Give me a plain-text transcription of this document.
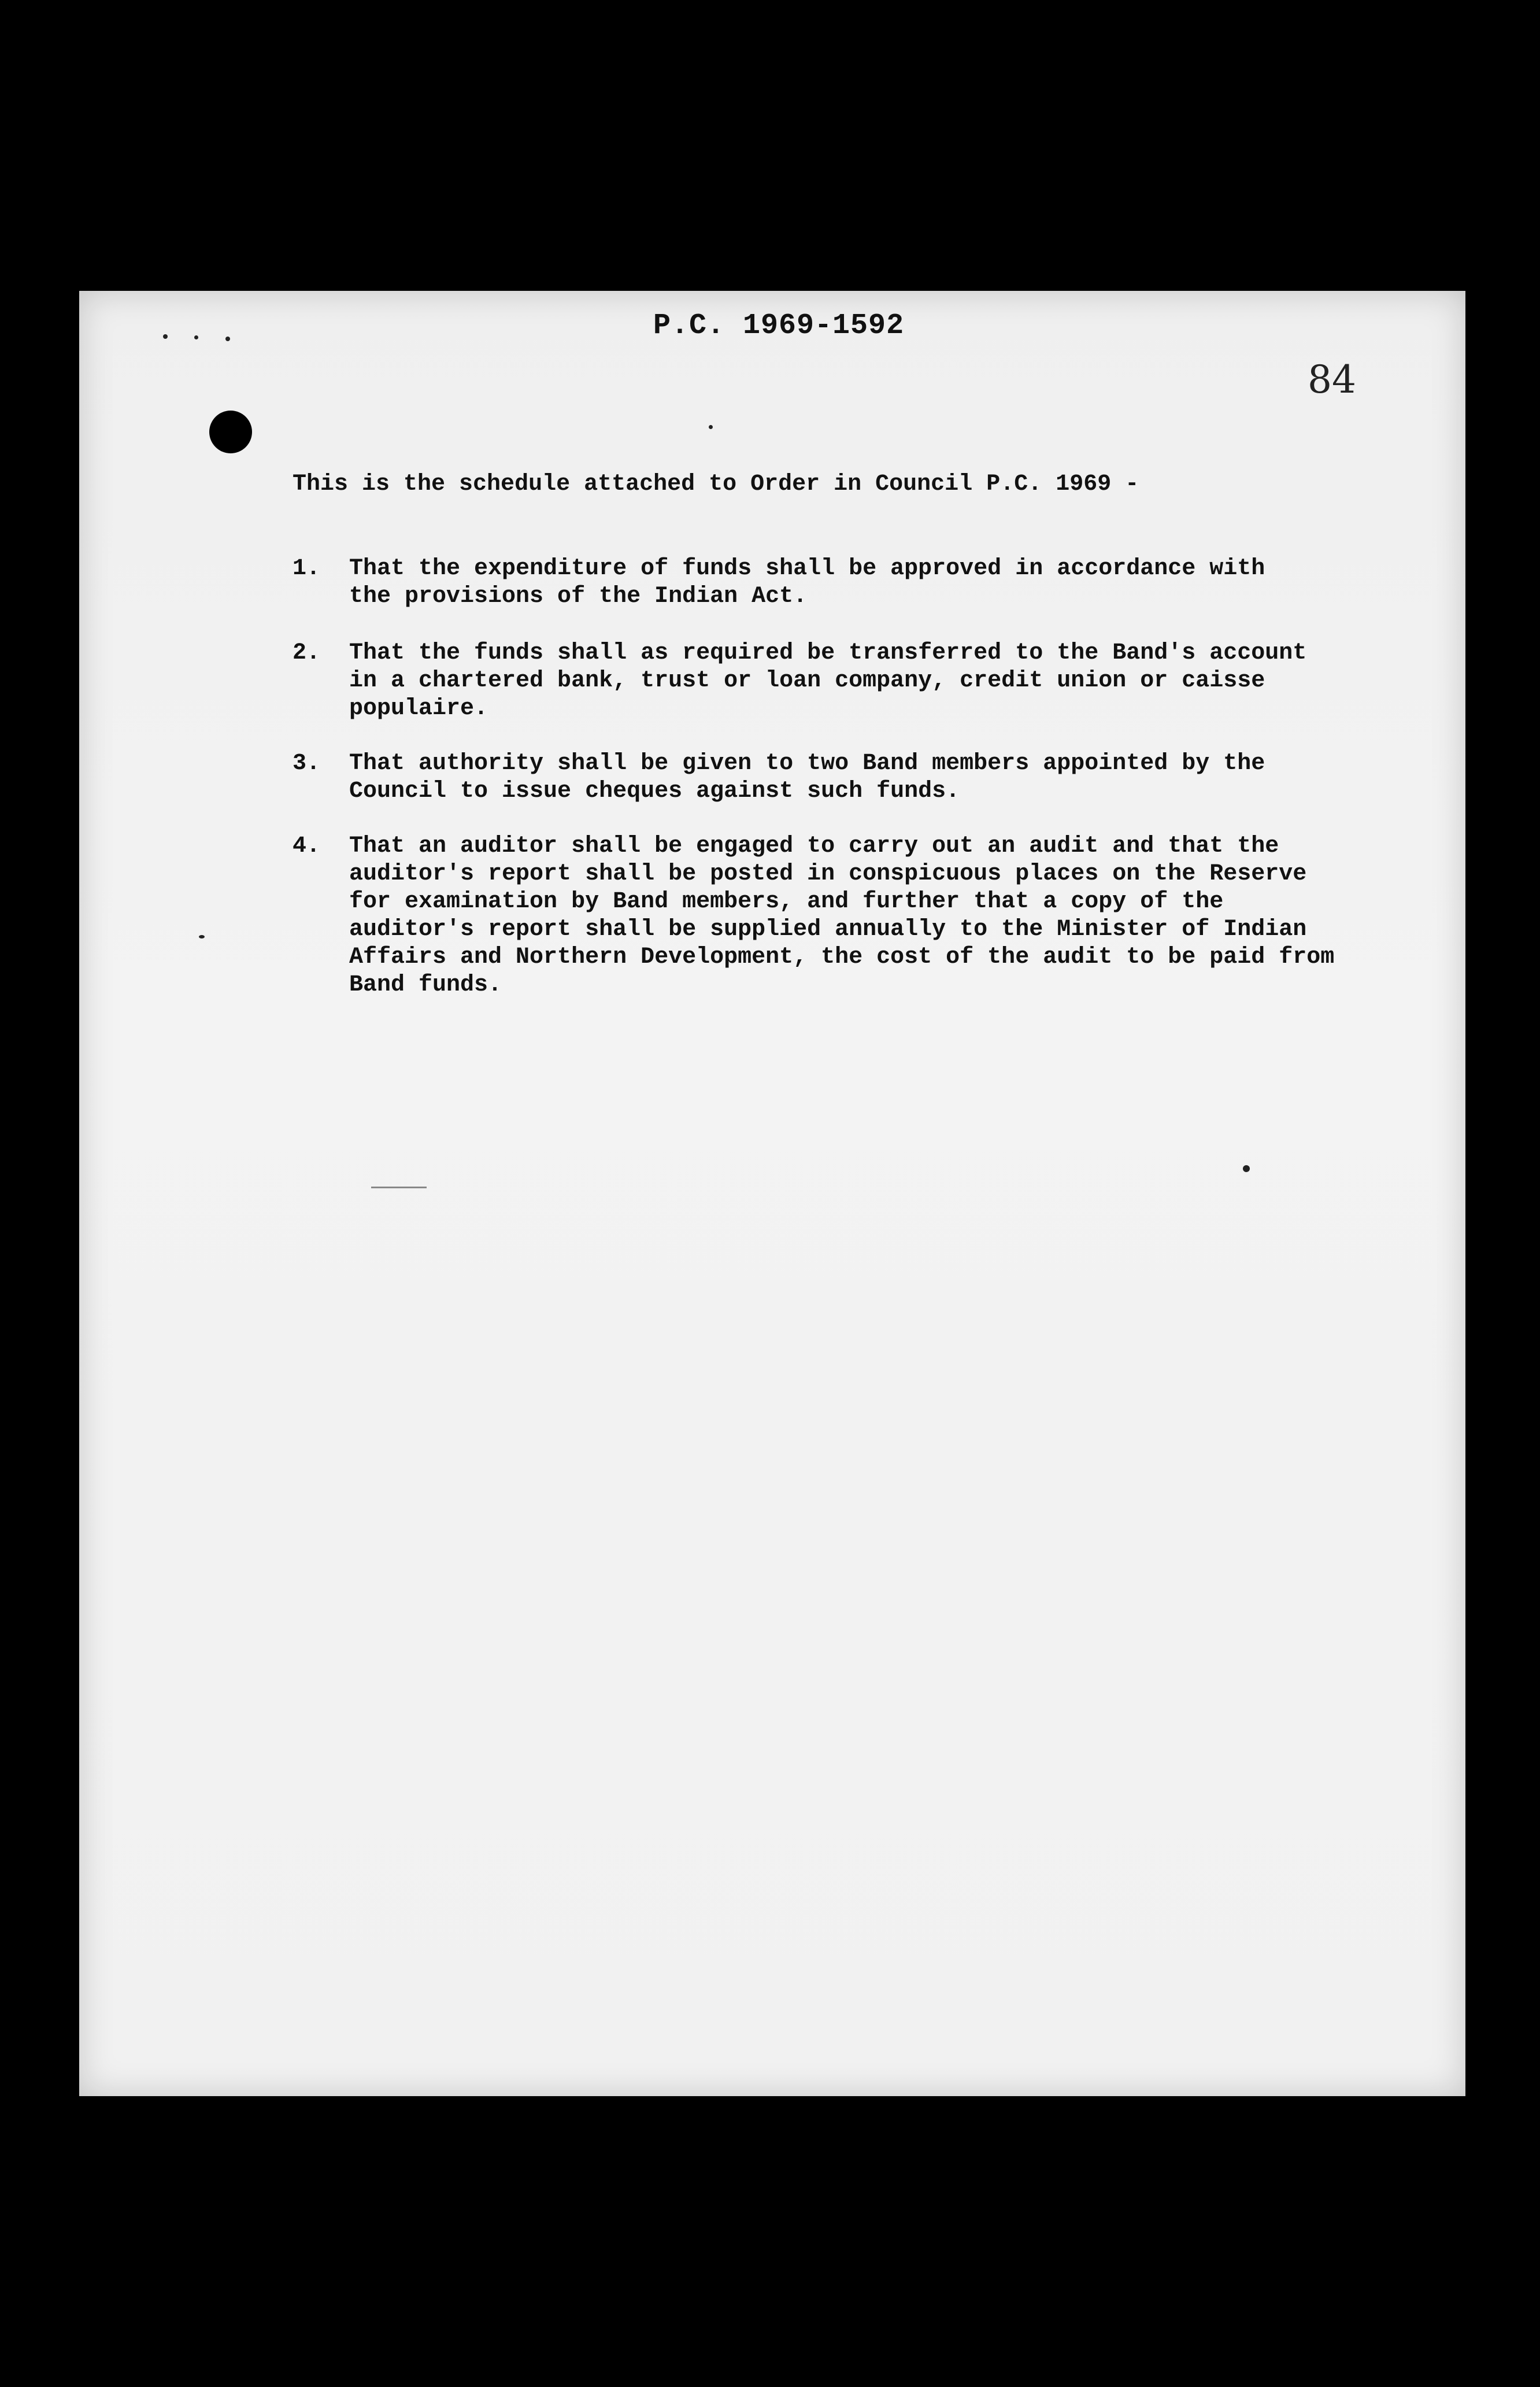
P.C. 1969-1592
84
This is the schedule attached to Order in Council P.C. 1969 -
1.	That the expenditure of funds shall be approved in accordance with
the provisions of the Indian Act.
2.	That the funds shall as required be transferred to the Band's account
in a chartered bank, trust or loan company, credit union or caisse
populaire.
3.	That authority shall be given to two Band members appointed by the
Council to issue cheques against such funds.
4.	That an auditor shall be engaged to carry out an audit and that the
auditor's report shall be posted in conspicuous places on the Reserve
for examination by Band members, and further that a copy of the
auditor's report shall be supplied annually to the Minister of Indian
Affairs and Northern Development, the cost of the audit to be paid from
Band funds.
